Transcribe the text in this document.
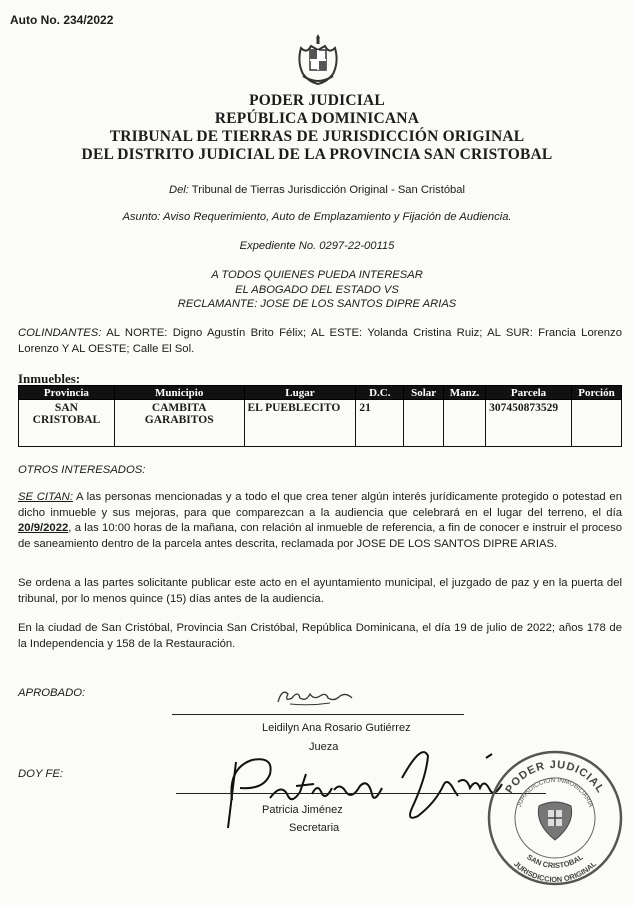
Auto No. 234/2022
PODER JUDICIAL
REPÚBLICA DOMINICANA
TRIBUNAL DE TIERRAS DE JURISDICCIÓN ORIGINAL
DEL DISTRITO JUDICIAL DE LA PROVINCIA SAN CRISTOBAL
Del: Tribunal de Tierras Jurisdicción Original - San Cristóbal
Asunto: Aviso Requerimiento, Auto de Emplazamiento y Fijación de Audiencia.
Expediente No. 0297-22-00115
A TODOS QUIENES PUEDA INTERESAR
EL ABOGADO DEL ESTADO VS
RECLAMANTE: JOSE DE LOS SANTOS DIPRE ARIAS
COLINDANTES: AL NORTE: Digno Agustín Brito Félix; AL ESTE: Yolanda Cristina Ruiz; AL SUR: Francia Lorenzo Lorenzo Y AL OESTE; Calle El Sol.
Inmuebles:
Provincia	Municipio	Lugar	D.C.	Solar	Manz.	Parcela	Porción
SAN CRISTOBAL	CAMBITA GARABITOS	EL PUEBLECITO	21			307450873529	
OTROS INTERESADOS:
SE CITAN: A las personas mencionadas y a todo el que crea tener algún interés jurídicamente protegido o potestad en dicho inmueble y sus mejoras, para que comparezcan a la audiencia que celebrará en el lugar del terreno, el día 20/9/2022, a las 10:00 horas de la mañana, con relación al inmueble de referencia, a fin de conocer e instruir el proceso de saneamiento dentro de la parcela antes descrita, reclamada por JOSE DE LOS SANTOS DIPRE ARIAS.
Se ordena a las partes solicitante publicar este acto en el ayuntamiento municipal, el juzgado de paz y en la puerta del tribunal, por lo menos quince (15) días antes de la audiencia.
En la ciudad de San Cristóbal, Provincia San Cristóbal, República Dominicana, el día 19 de julio de 2022; años 178 de la Independencia y 158 de la Restauración.
APROBADO:
Leidilyn Ana Rosario Gutiérrez
Jueza
DOY FE:
Patricia Jiménez
Secretaria
PODER JUDICIAL
JURISDICCION INMOBILIARIA
SAN CRISTOBAL
JURISDICCION ORIGINAL
